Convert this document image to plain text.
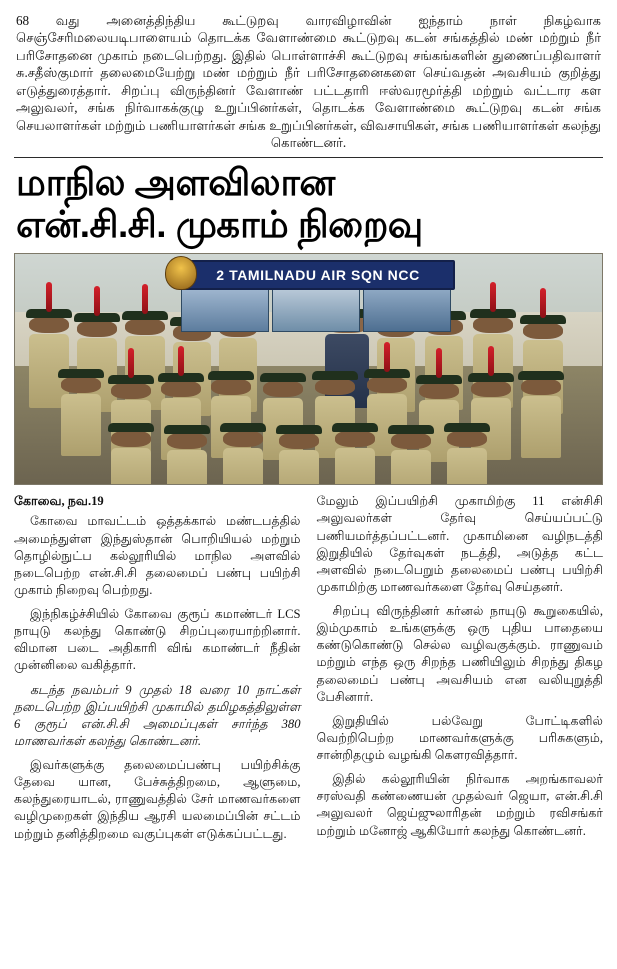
68 வது அனைத்திந்திய கூட்டுறவு வாரவிழாவின் ஐந்தாம் நாள் நிகழ்வாக செஞ்சேரிமலையடிபாளையம் தொடக்க வேளாண்மை கூட்டுறவு கடன் சங்கத்தில் மண் மற்றும் நீர் பரிசோதனை முகாம் நடைபெற்றது. இதில் பொள்ளாச்சி கூட்டுறவு சங்கங்களின் துணைப்பதிவாளர் சு.சதீஸ்குமார் தலைமையேற்று மண் மற்றும் நீர் பரிசோதனைகளை செய்வதன் அவசியம் குறித்து எடுத்துரைத்தார். சிறப்பு விருந்தினர் வேளாண் பட்டதாரி ஈஸ்வரமூர்த்தி மற்றும் வட்டார கள அலுவலர், சங்க நிர்வாகக்குழு உறுப்பினர்கள், தொடக்க வேளாண்மை கூட்டுறவு கடன் சங்க செயலாளர்கள் மற்றும் பணியாளர்கள் சங்க உறுப்பினர்கள், விவசாயிகள், சங்க பணியாளர்கள் கலந்து கொண்டனர்.

மாநில அளவிலான
என்.சி.சி. முகாம் நிறைவு
2 TAMILNADU AIR SQN NCC

கோவை, நவ.19

கோவை மாவட்டம் ஒத்தக்கால் மண்டபத்தில் அமைந்துள்ள இந்துஸ்தான் பொறியியல் மற்றும் தொழில்நுட்ப கல்லூரியில் மாநில அளவில் நடைபெற்ற என்.சி.சி தலைமைப் பண்பு பயிற்சி முகாம் நிறைவு பெற்றது.

இந்நிகழ்ச்சியில் கோவை குரூப் கமாண்டர் LCS நாயுடு கலந்து கொண்டு சிறப்புரையாற்றினார். விமான படை அதிகாரி விங் கமாண்டர் நீதின் முன்னிலை வகித்தார்.

கடந்த நவம்பர் 9 முதல் 18 வரை 10 நாட்கள் நடைபெற்ற இப்பயிற்சி முகாமில் தமிழகத்திலுள்ள 6 குரூப் என்.சி.சி அமைப்புகள் சார்ந்த 380 மாணவர்கள் கலந்து கொண்டனர்.

இவர்களுக்கு தலைமைப்பண்பு பயிற்சிக்கு தேவை யான, பேச்சுத்திறமை, ஆளுமை, கலந்துரையாடல், ராணுவத்தில் சேர் மாணவர்களை வழிமுறைகள் இந்திய ஆரசி யலமைப்பின் சட்டம் மற்றும் தனித்திறமை வகுப்புகள் எடுக்கப்பட்டது.

மேலும் இப்பயிற்சி முகாமிற்கு 11 என்சிசி அலுவலர்கள் தேர்வு செய்யப்பட்டு பணியமர்த்தப்பட்டனர். முகாமினை வழிநடத்தி இறுதியில் தேர்வுகள் நடத்தி, அடுத்த கட்ட அளவில் நடைபெறும் தலைமைப் பண்பு பயிற்சி முகாமிற்கு மாணவர்களை தேர்வு செய்தனர்.

சிறப்பு விருந்தினர் கர்னல் நாயுடு கூறுகையில், இம்முகாம் உங்களுக்கு ஒரு புதிய பாதையை கண்டுகொண்டு செல்ல வழிவகுக்கும். ராணுவம் மற்றும் எந்த ஒரு சிறந்த பணியிலும் சிறந்து திகழ தலைமைப் பண்பு அவசியம் என வலியுறுத்தி பேசினார்.

இறுதியில் பல்வேறு போட்டிகளில் வெற்றிபெற்ற மாணவர்களுக்கு பரிசுகளும், சான்றிதழும் வழங்கி கௌரவித்தார்.

இதில் கல்லூரியின் நிர்வாக அறங்காவலர் சரஸ்வதி கண்ணையன் முதல்வர் ஜெயா, என்.சி.சி அலுவலர் ஜெய்ஜுலாரிதன் மற்றும் ரவிசங்கர் மற்றும் மனோஜ் ஆகியோர் கலந்து கொண்டனர்.
